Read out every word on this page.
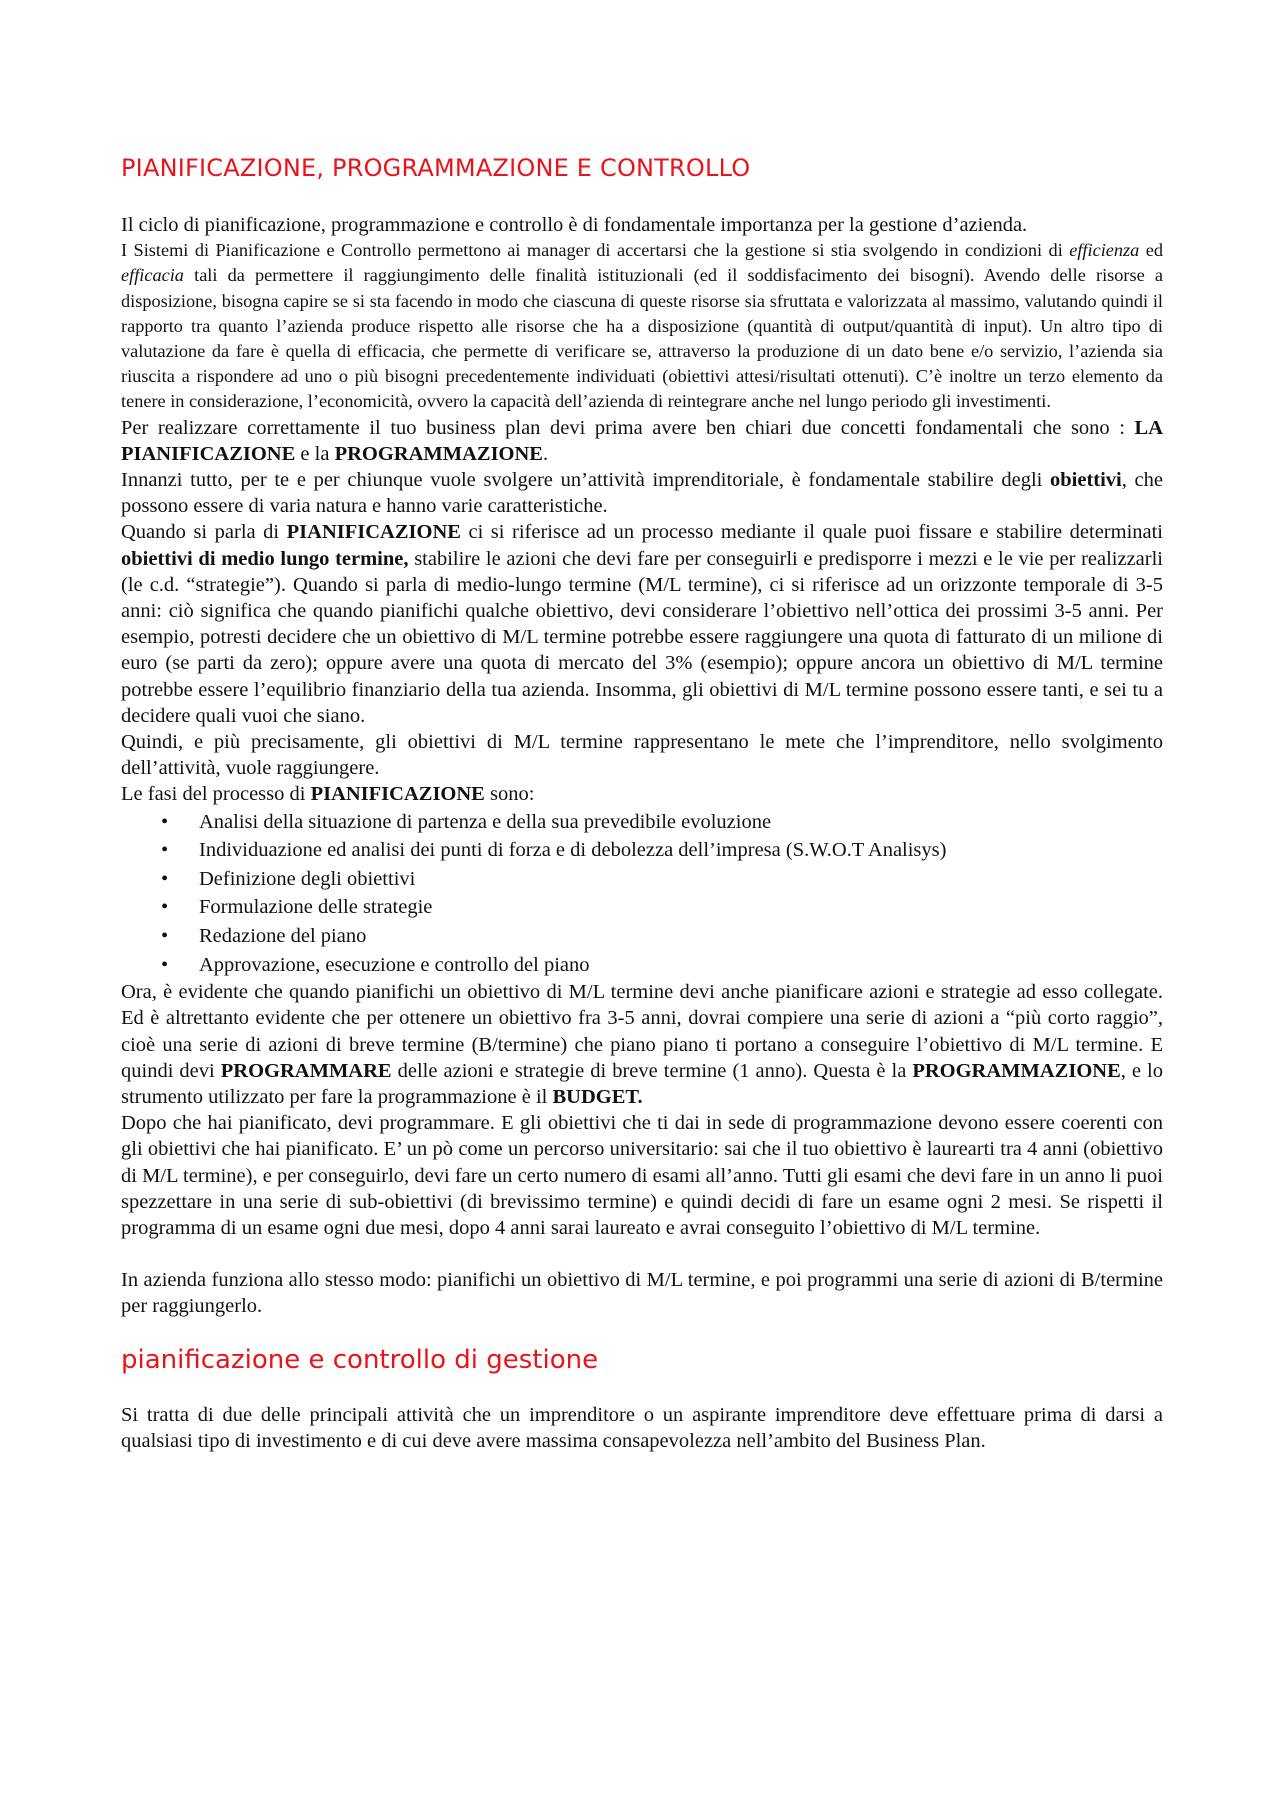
PIANIFICAZIONE, PROGRAMMAZIONE E CONTROLLO

Il ciclo di pianificazione, programmazione e controllo è di fondamentale importanza per la gestione d’azienda.

I Sistemi di Pianificazione e Controllo permettono ai manager di accertarsi che la gestione si stia svolgendo in condizioni di efficienza ed efficacia tali da permettere il raggiungimento delle finalità istituzionali (ed il soddisfacimento dei bisogni). Avendo delle risorse a disposizione, bisogna capire se si sta facendo in modo che ciascuna di queste risorse sia sfruttata e valorizzata al massimo, valutando quindi il rapporto tra quanto l’azienda produce rispetto alle risorse che ha a disposizione (quantità di output/quantità di input). Un altro tipo di valutazione da fare è quella di efficacia, che permette di verificare se, attraverso la produzione di un dato bene e/o servizio, l’azienda sia riuscita a rispondere ad uno o più bisogni precedentemente individuati (obiettivi attesi/risultati ottenuti). C’è inoltre un terzo elemento da tenere in considerazione, l’economicità, ovvero la capacità dell’azienda di reintegrare anche nel lungo periodo gli investimenti.

Per realizzare correttamente il tuo business plan devi prima avere ben chiari due concetti fondamentali che sono : LA PIANIFICAZIONE e la PROGRAMMAZIONE.

Innanzi tutto, per te e per chiunque vuole svolgere un’attività imprenditoriale, è fondamentale stabilire degli obiettivi, che possono essere di varia natura e hanno varie caratteristiche.

Quando si parla di PIANIFICAZIONE ci si riferisce ad un processo mediante il quale puoi fissare e stabilire determinati obiettivi di medio lungo termine, stabilire le azioni che devi fare per conseguirli e predisporre i mezzi e le vie per realizzarli (le c.d. “strategie”). Quando si parla di medio-lungo termine (M/L termine), ci si riferisce ad un orizzonte temporale di 3-5 anni: ciò significa che quando pianifichi qualche obiettivo, devi considerare l’obiettivo nell’ottica dei prossimi 3-5 anni. Per esempio, potresti decidere che un obiettivo di M/L termine potrebbe essere raggiungere una quota di fatturato di un milione di euro (se parti da zero); oppure avere una quota di mercato del 3% (esempio); oppure ancora un obiettivo di M/L termine potrebbe essere l’equilibrio finanziario della tua azienda. Insomma, gli obiettivi di M/L termine possono essere tanti, e sei tu a decidere quali vuoi che siano.

Quindi, e più precisamente, gli obiettivi di M/L termine rappresentano le mete che l’imprenditore, nello svolgimento dell’attività, vuole raggiungere.

Le fasi del processo di PIANIFICAZIONE sono:

• Analisi della situazione di partenza e della sua prevedibile evoluzione
• Individuazione ed analisi dei punti di forza e di debolezza dell’impresa (S.W.O.T Analisys)
• Definizione degli obiettivi
• Formulazione delle strategie
• Redazione del piano
• Approvazione, esecuzione e controllo del piano

Ora, è evidente che quando pianifichi un obiettivo di M/L termine devi anche pianificare azioni e strategie ad esso collegate. Ed è altrettanto evidente che per ottenere un obiettivo fra 3-5 anni, dovrai compiere una serie di azioni a “più corto raggio”, cioè una serie di azioni di breve termine (B/termine) che piano piano ti portano a conseguire l’obiettivo di M/L termine. E quindi devi PROGRAMMARE delle azioni e strategie di breve termine (1 anno). Questa è la PROGRAMMAZIONE, e lo strumento utilizzato per fare la programmazione è il BUDGET.

Dopo che hai pianificato, devi programmare. E gli obiettivi che ti dai in sede di programmazione devono essere coerenti con gli obiettivi che hai pianificato. E’ un pò come un percorso universitario: sai che il tuo obiettivo è laurearti tra 4 anni (obiettivo di M/L termine), e per conseguirlo, devi fare un certo numero di esami all’anno. Tutti gli esami che devi fare in un anno li puoi spezzettare in una serie di sub-obiettivi (di brevissimo termine) e quindi decidi di fare un esame ogni 2 mesi. Se rispetti il programma di un esame ogni due mesi, dopo 4 anni sarai laureato e avrai conseguito l’obiettivo di M/L termine.

In azienda funziona allo stesso modo: pianifichi un obiettivo di M/L termine, e poi programmi una serie di azioni di B/termine per raggiungerlo.

pianificazione e controllo di gestione

Si tratta di due delle principali attività che un imprenditore o un aspirante imprenditore deve effettuare prima di darsi a qualsiasi tipo di investimento e di cui deve avere massima consapevolezza nell’ambito del Business Plan.
